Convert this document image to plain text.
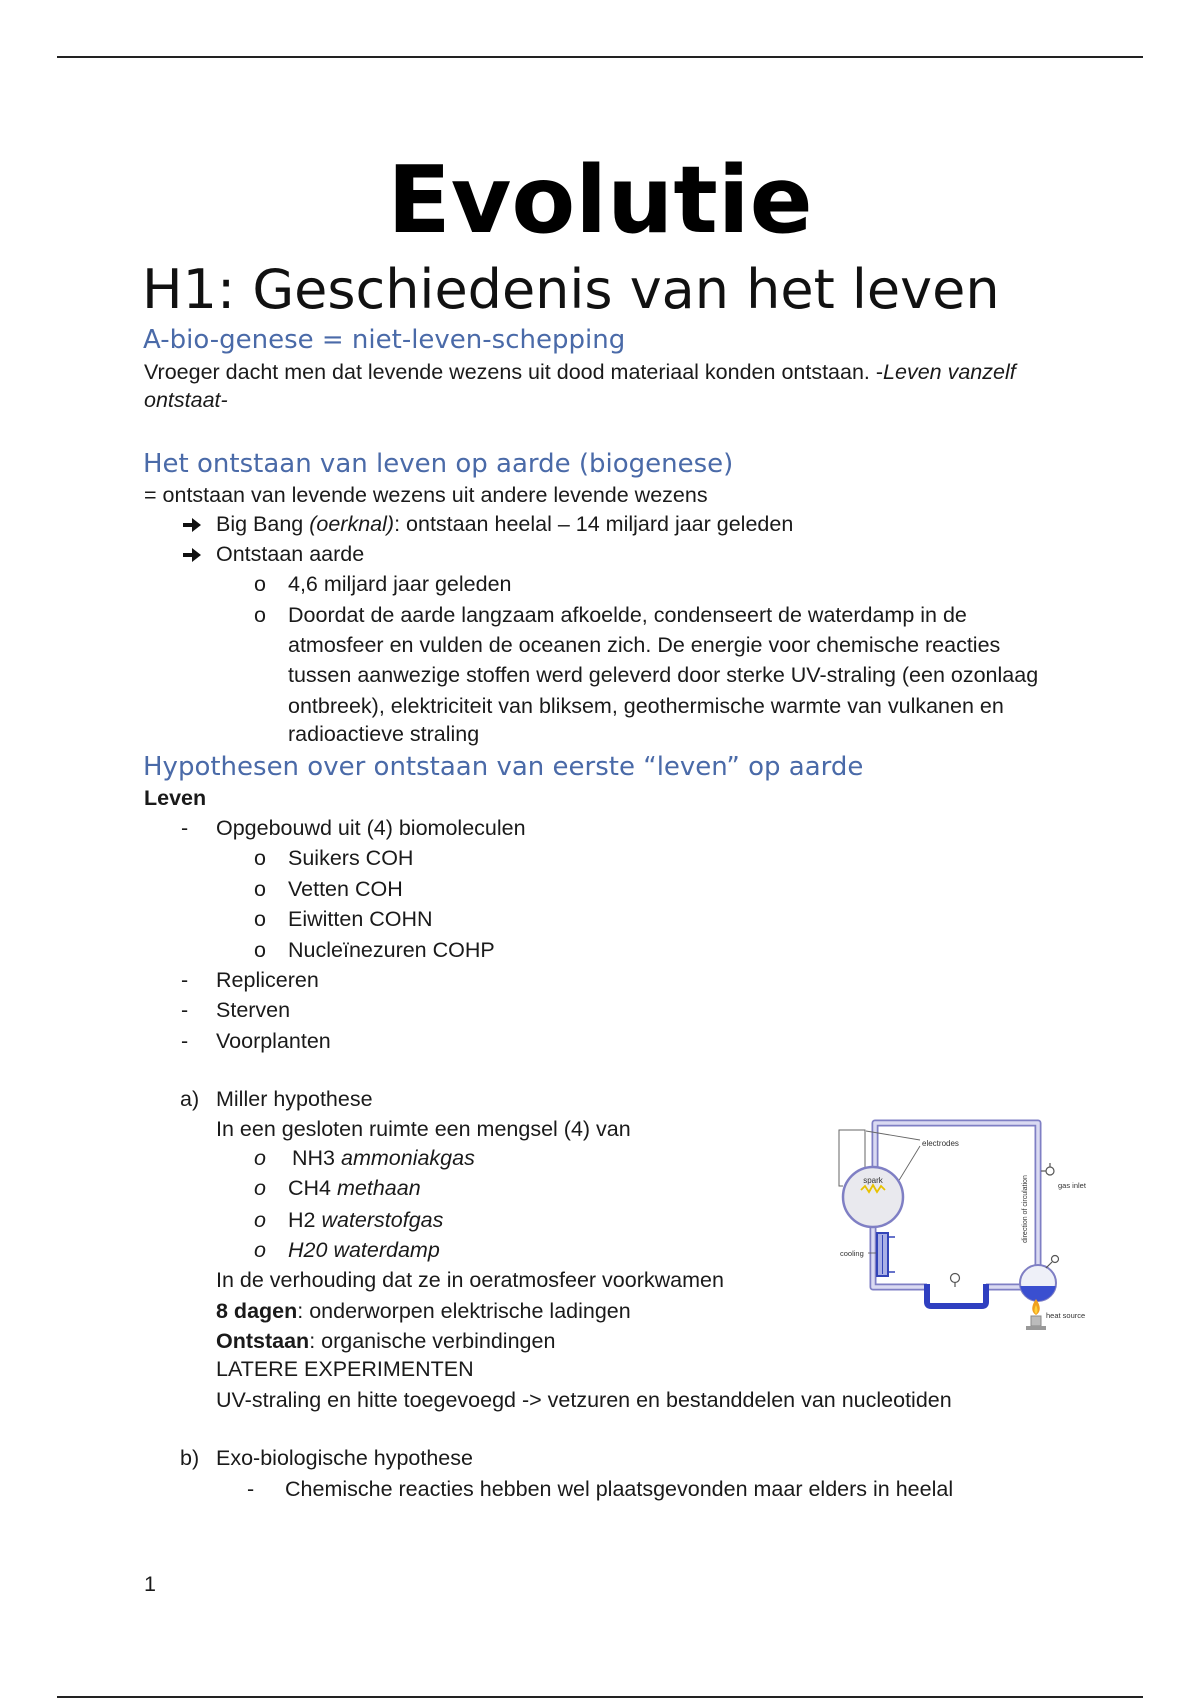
Evolutie
H1: Geschiedenis van het leven
A-bio-genese = niet-leven-schepping
Vroeger dacht men dat levende wezens uit dood materiaal konden ontstaan. -Leven vanzelf
ontstaat-
Het ontstaan van leven op aarde (biogenese)
= ontstaan van levende wezens uit andere levende wezens
Big Bang (oerknal): ontstaan heelal – 14 miljard jaar geleden
Ontstaan aarde
o 4,6 miljard jaar geleden
o Doordat de aarde langzaam afkoelde, condenseert de waterdamp in de
atmosfeer en vulden de oceanen zich. De energie voor chemische reacties
tussen aanwezige stoffen werd geleverd door sterke UV-straling (een ozonlaag
ontbreek), elektriciteit van bliksem, geothermische warmte van vulkanen en
radioactieve straling
Hypothesen over ontstaan van eerste “leven” op aarde
Leven
- Opgebouwd uit (4) biomoleculen
o Suikers COH
o Vetten COH
o Eiwitten COHN
o Nucleïnezuren COHP
- Repliceren
- Sterven
- Voorplanten
a) Miller hypothese
In een gesloten ruimte een mengsel (4) van
o NH3 ammoniakgas
o CH4 methaan
o H2 waterstofgas
o H20 waterdamp
In de verhouding dat ze in oeratmosfeer voorkwamen
8 dagen: onderworpen elektrische ladingen
Ontstaan: organische verbindingen
LATERE EXPERIMENTEN
UV-straling en hitte toegevoegd -> vetzuren en bestanddelen van nucleotiden
electrodes
spark
cooling
direction of circulation	gas inlet
heat source
b) Exo-biologische hypothese
- Chemische reacties hebben wel plaatsgevonden maar elders in heelal
1
